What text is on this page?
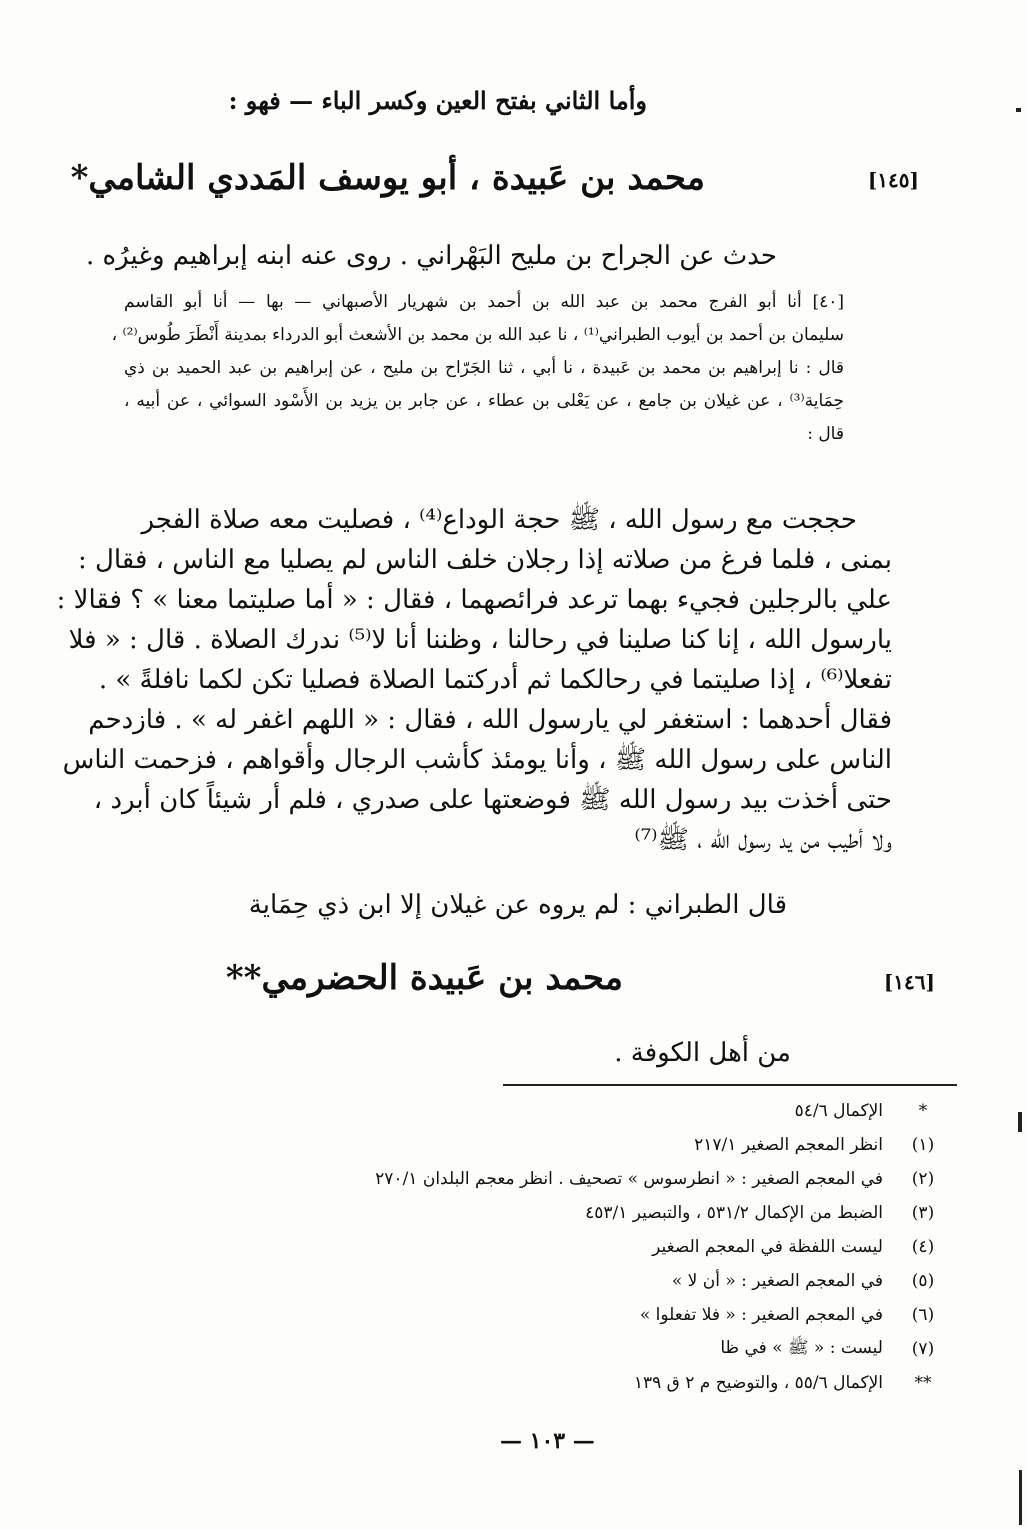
وأما الثاني بفتح العين وكسر الباء — فهو :
[١٤٥]
محمد بن عَبيدة ، أبو يوسف المَددي الشامي*
حدث عن الجراح بن مليح البَهْراني . روى عنه ابنه إبراهيم وغيرُه .
[٤٠] أنا أبو الفرج محمد بن عبد الله بن أحمد بن شهريار الأصبهاني — بها — أنا أبو القاسم
سليمان بن أحمد بن أيوب الطبراني⁽¹⁾ ، نا عبد الله بن محمد بن الأشعث أبو الدرداء بمدينة أَنْطَرَ طُوس⁽²⁾ ،
قال : نا إبراهيم بن محمد بن عَبيدة ، نا أبي ، ثنا الجَرّاح بن مليح ، عن إبراهيم بن عبد الحميد بن ذي
حِمَاية⁽³⁾ ، عن غيلان بن جامع ، عن يَعْلى بن عطاء ، عن جابر بن يزيد بن الأَسْود السوائي ، عن أبيه ،
قال :
حججت مع رسول الله ، ﷺ حجة الوداع⁽⁴⁾ ، فصليت معه صلاة الفجر
بمنى ، فلما فرغ من صلاته إذا رجلان خلف الناس لم يصليا مع الناس ، فقال :
علي بالرجلين فجيء بهما ترعد فرائصهما ، فقال : « أما صليتما معنا » ؟ فقالا :
يارسول الله ، إنا كنا صلينا في رحالنا ، وظننا أنا لا⁽⁵⁾ ندرك الصلاة . قال : « فلا
تفعلا⁽⁶⁾ ، إذا صليتما في رحالكما ثم أدركتما الصلاة فصليا تكن لكما نافلةً » .
فقال أحدهما : استغفر لي يارسول الله ، فقال : « اللهم اغفر له » . فازدحم
الناس على رسول الله ﷺ ، وأنا يومئذ كأشب الرجال وأقواهم ، فزحمت الناس
حتى أخذت بيد رسول الله ﷺ فوضعتها على صدري ، فلم أر شيئاً كان أبرد ،
ولا أطيب من يد رسول الله ، ﷺ⁽⁷⁾
قال الطبراني : لم يروه عن غيلان إلا ابن ذي حِمَاية
[١٤٦]
محمد بن عَبيدة الحضرمي**
من أهل الكوفة .
*
الإكمال ٥٤/٦
(١)
انظر المعجم الصغير ٢١٧/١
(٢)
في المعجم الصغير : « انطرسوس » تصحيف . انظر معجم البلدان ٢٧٠/١
(٣)
الضبط من الإكمال ٥٣١/٢ ، والتبصير ٤٥٣/١
(٤)
ليست اللفظة في المعجم الصغير
(٥)
في المعجم الصغير : « أن لا »
(٦)
في المعجم الصغير : « فلا تفعلوا »
(٧)
ليست : « ﷺ » في ظا
**
الإكمال ٥٥/٦ ، والتوضيح م ٢ ق ١٣٩
— ١٠٣ —
